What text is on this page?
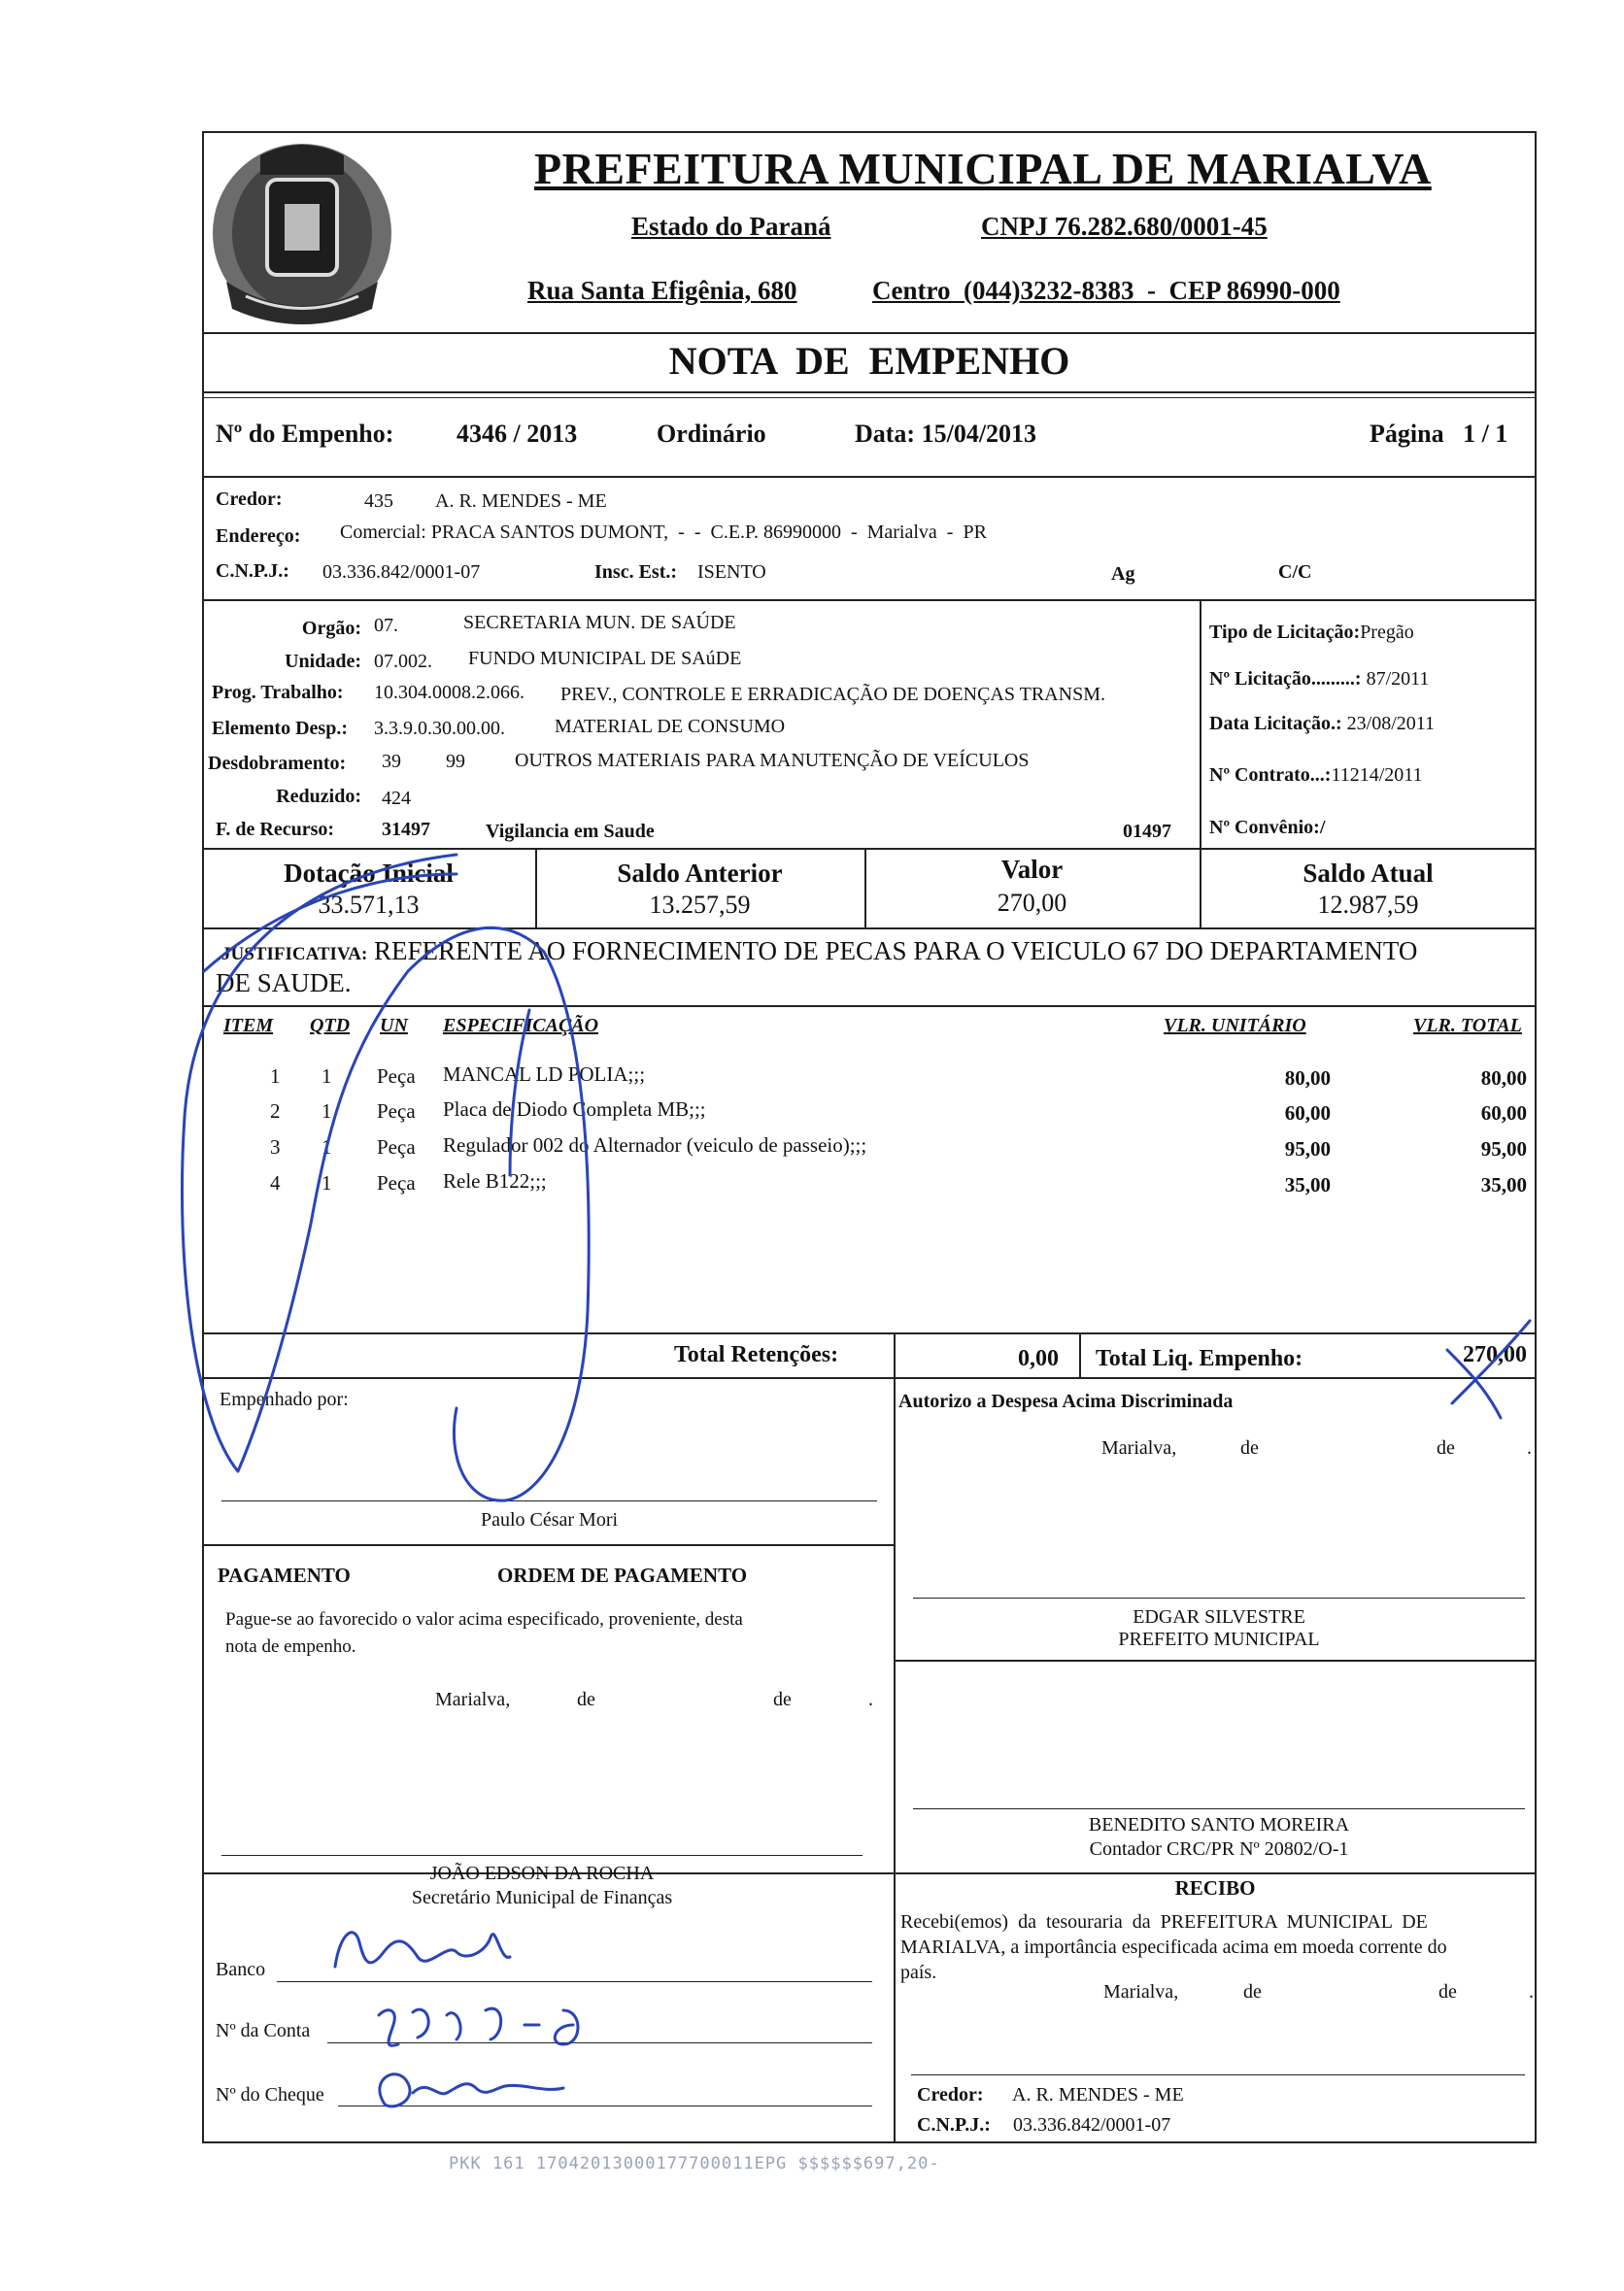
PREFEITURA MUNICIPAL DE MARIALVA
Estado do Paraná	CNPJ 76.282.680/0001-45
Rua Santa Efigênia, 680	Centro  (044)3232-8383  -  CEP 86990-000
NOTA  DE  EMPENHO
Nº do Empenho: 4346 / 2013	Ordinário	Data: 15/04/2013	Página   1 / 1
Credor:	435 A. R. MENDES - ME
Endereço: Comercial: PRACA SANTOS DUMONT,  -  -  C.E.P. 86990000  -  Marialva  -  PR
C.N.P.J.: 03.336.842/0001-07	Insc. Est.: ISENTO	Ag	C/C
Orgão: 07.	SECRETARIA MUN. DE SAÚDE
Unidade: 07.002. FUNDO MUNICIPAL DE SAúDE
Prog. Trabalho: 10.304.0008.2.066. PREV., CONTROLE E ERRADICAÇÃO DE DOENÇAS TRANSM.
Elemento Desp.: 3.3.9.0.30.00.00.	MATERIAL DE CONSUMO
Desdobramento: 39 99	OUTROS MATERIAIS PARA MANUTENÇÃO DE VEÍCULOS
Reduzido: 424
F. de Recurso: 31497	Vigilancia em Saude	01497
Tipo de Licitação:Pregão
Nº Licitação.........: 87/2011
Data Licitação.: 23/08/2011
Nº Contrato...:11214/2011
Nº Convênio:/
Dotação Inicial
33.571,13
Saldo Anterior
13.257,59
Valor
270,00
Saldo Atual
12.987,59
JUSTIFICATIVA: REFERENTE AO FORNECIMENTO DE PECAS PARA O VEICULO 67 DO DEPARTAMENTO
DE SAUDE.
ITEM QTD UN ESPECIFICAÇÃO	VLR. UNITÁRIO	VLR. TOTAL
1 1 Peça MANCAL LD POLIA;;;	80,00	80,00
2 1 Peça Placa de Diodo Completa MB;;;	60,00	60,00
3 1 Peça Regulador 002 do Alternador (veiculo de passeio);;;	95,00	95,00
4 1 Peça Rele B122;;;	35,00	35,00
Total Retenções:	0,00 Total Liq. Empenho:	270,00
Empenhado por:
Paulo César Mori
PAGAMENTO	ORDEM DE PAGAMENTO
Pague-se ao favorecido o valor acima especificado, proveniente, desta
nota de empenho.
Marialva,	de	de	.
JOÃO EDSON DA ROCHA
Secretário Municipal de Finanças
Banco
Nº da Conta
Nº do Cheque
Autorizo a Despesa Acima Discriminada
Marialva,	de	de	.
EDGAR SILVESTRE
PREFEITO MUNICIPAL
BENEDITO SANTO MOREIRA
Contador CRC/PR Nº 20802/O-1
RECIBO
Recebi(emos)  da  tesouraria  da  PREFEITURA  MUNICIPAL  DE
MARIALVA, a importância especificada acima em moeda corrente do
país.
Marialva,	de	de	.
Credor: A. R. MENDES - ME
C.N.P.J.: 03.336.842/0001-07
PKK 161 17042013000177700011EPG $$$$$$697,20-
